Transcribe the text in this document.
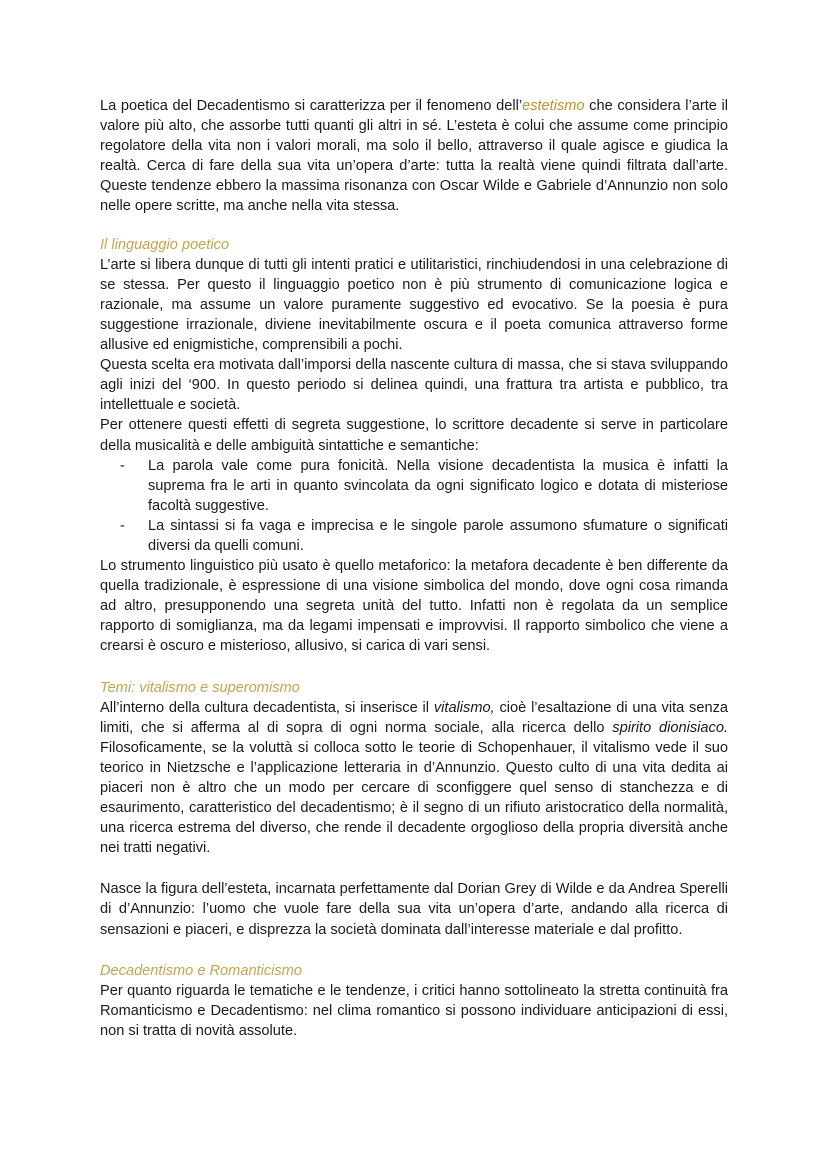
La poetica del Decadentismo si caratterizza per il fenomeno dell’estetismo che considera l’arte il valore più alto, che assorbe tutti quanti gli altri in sé. L’esteta è colui che assume come principio regolatore della vita non i valori morali, ma solo il bello, attraverso il quale agisce e giudica la realtà. Cerca di fare della sua vita un’opera d’arte: tutta la realtà viene quindi filtrata dall’arte. Queste tendenze ebbero la massima risonanza con Oscar Wilde e Gabriele d’Annunzio non solo nelle opere scritte, ma anche nella vita stessa.

Il linguaggio poetico

L’arte si libera dunque di tutti gli intenti pratici e utilitaristici, rinchiudendosi in una celebrazione di se stessa. Per questo il linguaggio poetico non è più strumento di comunicazione logica e razionale, ma assume un valore puramente suggestivo ed evocativo. Se la poesia è pura suggestione irrazionale, diviene inevitabilmente oscura e il poeta comunica attraverso forme allusive ed enigmistiche, comprensibili a pochi.

Questa scelta era motivata dall’imporsi della nascente cultura di massa, che si stava sviluppando agli inizi del ‘900. In questo periodo si delinea quindi, una frattura tra artista e pubblico, tra intellettuale e società.

Per ottenere questi effetti di segreta suggestione, lo scrittore decadente si serve in particolare della musicalità e delle ambiguità sintattiche e semantiche:

- La parola vale come pura fonicità. Nella visione decadentista la musica è infatti la suprema fra le arti in quanto svincolata da ogni significato logico e dotata di misteriose facoltà suggestive.
- La sintassi si fa vaga e imprecisa e le singole parole assumono sfumature o significati diversi da quelli comuni.

Lo strumento linguistico più usato è quello metaforico: la metafora decadente è ben differente da quella tradizionale, è espressione di una visione simbolica del mondo, dove ogni cosa rimanda ad altro, presupponendo una segreta unità del tutto. Infatti non è regolata da un semplice rapporto di somiglianza, ma da legami impensati e improvvisi. Il rapporto simbolico che viene a crearsi è oscuro e misterioso, allusivo, si carica di vari sensi.

Temi: vitalismo e superomismo

All’interno della cultura decadentista, si inserisce il vitalismo, cioè l’esaltazione di una vita senza limiti, che si afferma al di sopra di ogni norma sociale, alla ricerca dello spirito dionisiaco. Filosoficamente, se la voluttà si colloca sotto le teorie di Schopenhauer, il vitalismo vede il suo teorico in Nietzsche e l’applicazione letteraria in d’Annunzio. Questo culto di una vita dedita ai piaceri non è altro che un modo per cercare di sconfiggere quel senso di stanchezza e di esaurimento, caratteristico del decadentismo; è il segno di un rifiuto aristocratico della normalità, una ricerca estrema del diverso, che rende il decadente orgoglioso della propria diversità anche nei tratti negativi.

Nasce la figura dell’esteta, incarnata perfettamente dal Dorian Grey di Wilde e da Andrea Sperelli di d’Annunzio: l’uomo che vuole fare della sua vita un’opera d’arte, andando alla ricerca di sensazioni e piaceri, e disprezza la società dominata dall’interesse materiale e dal profitto.

Decadentismo e Romanticismo

Per quanto riguarda le tematiche e le tendenze, i critici hanno sottolineato la stretta continuità fra Romanticismo e Decadentismo: nel clima romantico si possono individuare anticipazioni di essi, non si tratta di novità assolute.
